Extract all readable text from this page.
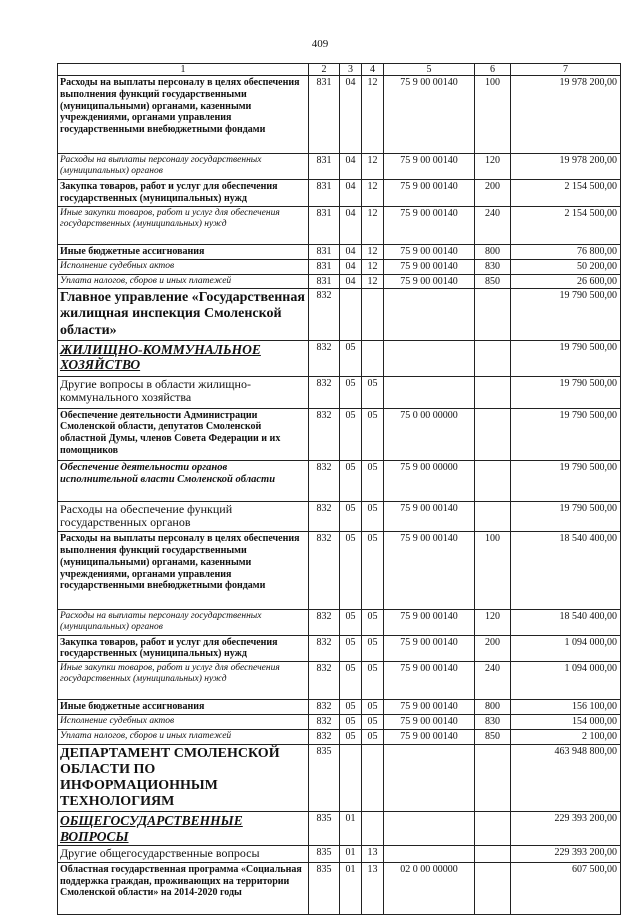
409
1	2	3	4	5	6	7
Расходы на выплаты персоналу в целях обеспечения выполнения функций государственными (муниципальными) органами, казенными учреждениями, органами управления государственными внебюджетными фондами	831	04	12	75 9 00 00140	100	19 978 200,00
Расходы на выплаты персоналу государственных (муниципальных) органов	831	04	12	75 9 00 00140	120	19 978 200,00
Закупка товаров, работ и услуг для обеспечения государственных (муниципальных) нужд	831	04	12	75 9 00 00140	200	2 154 500,00
Иные закупки товаров, работ и услуг для обеспечения государственных (муниципальных) нужд	831	04	12	75 9 00 00140	240	2 154 500,00
Иные бюджетные ассигнования	831	04	12	75 9 00 00140	800	76 800,00
Исполнение судебных актов	831	04	12	75 9 00 00140	830	50 200,00
Уплата налогов, сборов и иных платежей	831	04	12	75 9 00 00140	850	26 600,00
Главное управление «Государственная жилищная инспекция Смоленской области»	832					19 790 500,00
ЖИЛИЩНО-КОММУНАЛЬНОЕ ХОЗЯЙСТВО	832	05				19 790 500,00
Другие вопросы в области жилищно-коммунального хозяйства	832	05	05			19 790 500,00
Обеспечение деятельности Администрации Смоленской области, депутатов Смоленской областной Думы, членов Совета Федерации и их помощников	832	05	05	75 0 00 00000		19 790 500,00
Обеспечение деятельности органов исполнительной власти Смоленской области	832	05	05	75 9 00 00000		19 790 500,00
Расходы на обеспечение функций государственных органов	832	05	05	75 9 00 00140		19 790 500,00
Расходы на выплаты персоналу в целях обеспечения выполнения функций государственными (муниципальными) органами, казенными учреждениями, органами управления государственными внебюджетными фондами	832	05	05	75 9 00 00140	100	18 540 400,00
Расходы на выплаты персоналу государственных (муниципальных) органов	832	05	05	75 9 00 00140	120	18 540 400,00
Закупка товаров, работ и услуг для обеспечения государственных (муниципальных) нужд	832	05	05	75 9 00 00140	200	1 094 000,00
Иные закупки товаров, работ и услуг для обеспечения государственных (муниципальных) нужд	832	05	05	75 9 00 00140	240	1 094 000,00
Иные бюджетные ассигнования	832	05	05	75 9 00 00140	800	156 100,00
Исполнение судебных актов	832	05	05	75 9 00 00140	830	154 000,00
Уплата налогов, сборов и иных платежей	832	05	05	75 9 00 00140	850	2 100,00
ДЕПАРТАМЕНТ СМОЛЕНСКОЙ ОБЛАСТИ ПО ИНФОРМАЦИОННЫМ ТЕХНОЛОГИЯМ	835					463 948 800,00
ОБЩЕГОСУДАРСТВЕННЫЕ ВОПРОСЫ	835	01				229 393 200,00
Другие общегосударственные вопросы	835	01	13			229 393 200,00
Областная государственная программа «Социальная поддержка граждан, проживающих на территории Смоленской области» на 2014-2020 годы	835	01	13	02 0 00 00000		607 500,00
